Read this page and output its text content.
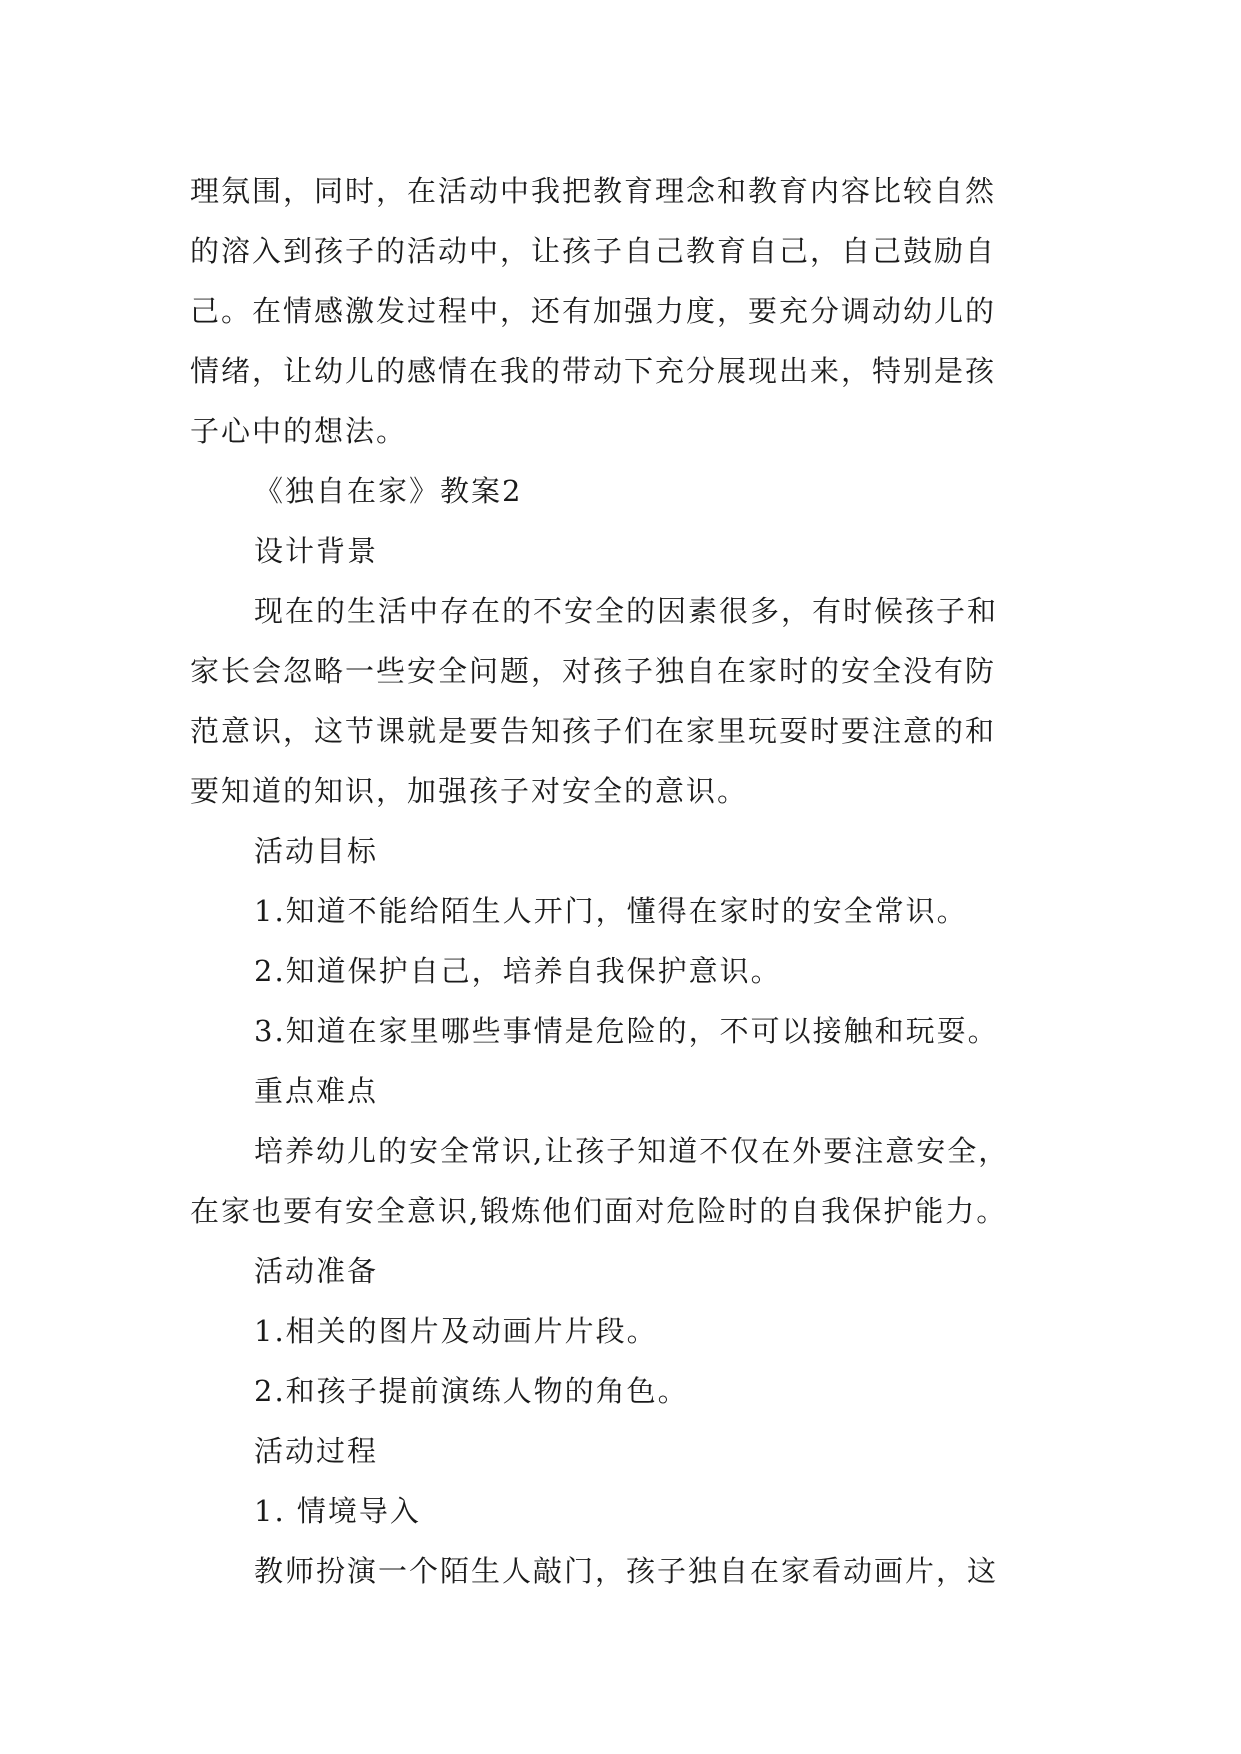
理氛围，同时，在活动中我把教育理念和教育内容比较自然
的溶入到孩子的活动中，让孩子自己教育自己，自己鼓励自
己。在情感激发过程中，还有加强力度，要充分调动幼儿的
情绪，让幼儿的感情在我的带动下充分展现出来，特别是孩
子心中的想法。
《独自在家》教案2
设计背景
现在的生活中存在的不安全的因素很多，有时候孩子和
家长会忽略一些安全问题，对孩子独自在家时的安全没有防
范意识，这节课就是要告知孩子们在家里玩耍时要注意的和
要知道的知识，加强孩子对安全的意识。
活动目标
1.知道不能给陌生人开门，懂得在家时的安全常识。
2.知道保护自己，培养自我保护意识。
3.知道在家里哪些事情是危险的，不可以接触和玩耍。
重点难点
培养幼儿的安全常识,让孩子知道不仅在外要注意安全，
在家也要有安全意识,锻炼他们面对危险时的自我保护能力。
活动准备
1.相关的图片及动画片片段。
2.和孩子提前演练人物的角色。
活动过程
1. 情境导入
教师扮演一个陌生人敲门，孩子独自在家看动画片，这
